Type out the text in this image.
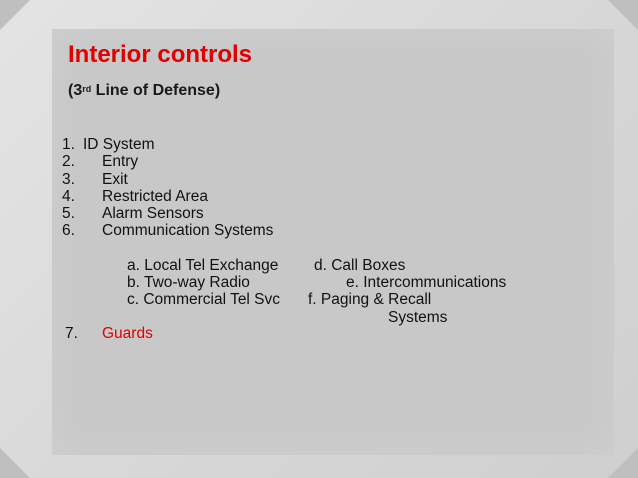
Interior controls
(3rd Line of Defense)
1. ID System
2. Entry
3. Exit
4. Restricted Area
5. Alarm Sensors
6. Communication Systems
a. Local Tel Exchange
b. Two-way Radio
c. Commercial Tel Svc
d. Call Boxes
e. Intercommunications
f. Paging & Recall
Systems
7. Guards
